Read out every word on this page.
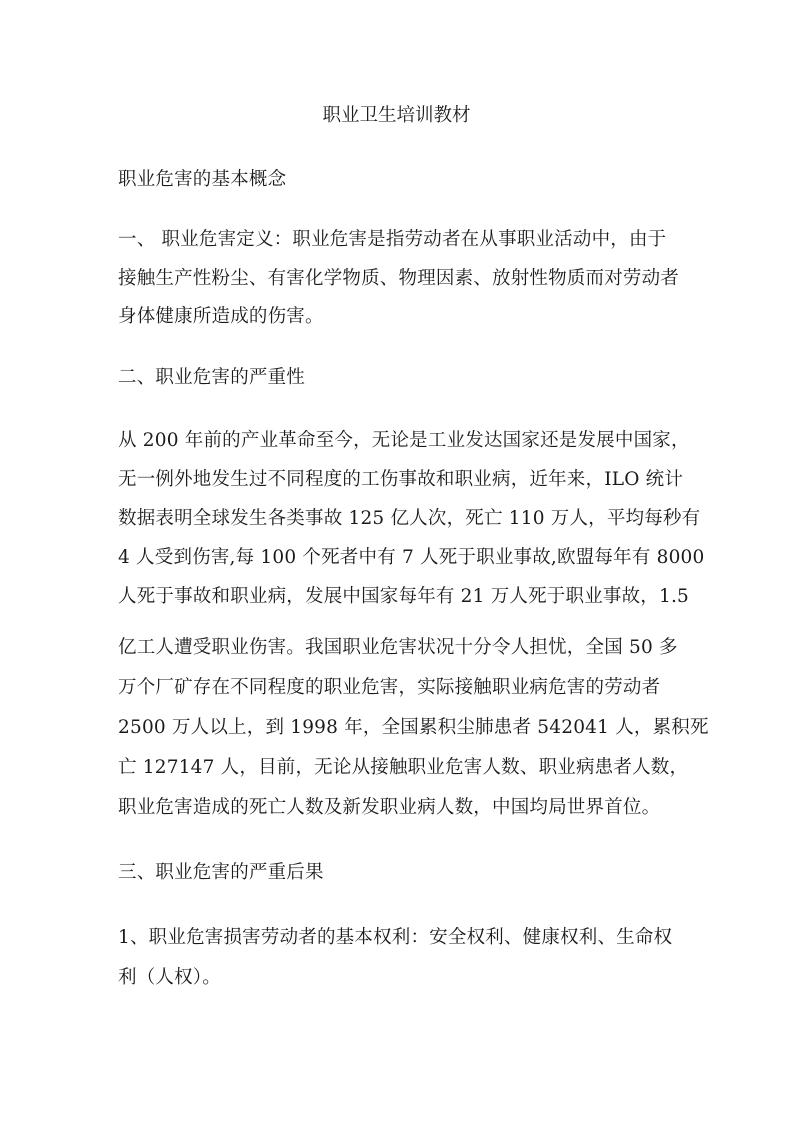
职业卫生培训教材
职业危害的基本概念
一、 职业危害定义：职业危害是指劳动者在从事职业活动中，由于
接触生产性粉尘、有害化学物质、物理因素、放射性物质而对劳动者
身体健康所造成的伤害。
二、职业危害的严重性
从 200 年前的产业革命至今，无论是工业发达国家还是发展中国家，
无一例外地发生过不同程度的工伤事故和职业病，近年来，ILO 统计
数据表明全球发生各类事故 125 亿人次，死亡 110 万人，平均每秒有
4 人受到伤害,每 100 个死者中有 7 人死于职业事故,欧盟每年有 8000
人死于事故和职业病，发展中国家每年有 21 万人死于职业事故，1.5
亿工人遭受职业伤害。我国职业危害状况十分令人担忧，全国 50 多
万个厂矿存在不同程度的职业危害，实际接触职业病危害的劳动者
2500 万人以上，到 1998 年，全国累积尘肺患者 542041 人，累积死
亡 127147 人，目前，无论从接触职业危害人数、职业病患者人数，
职业危害造成的死亡人数及新发职业病人数，中国均局世界首位。
三、职业危害的严重后果
1、职业危害损害劳动者的基本权利：安全权利、健康权利、生命权
利（人权）。
